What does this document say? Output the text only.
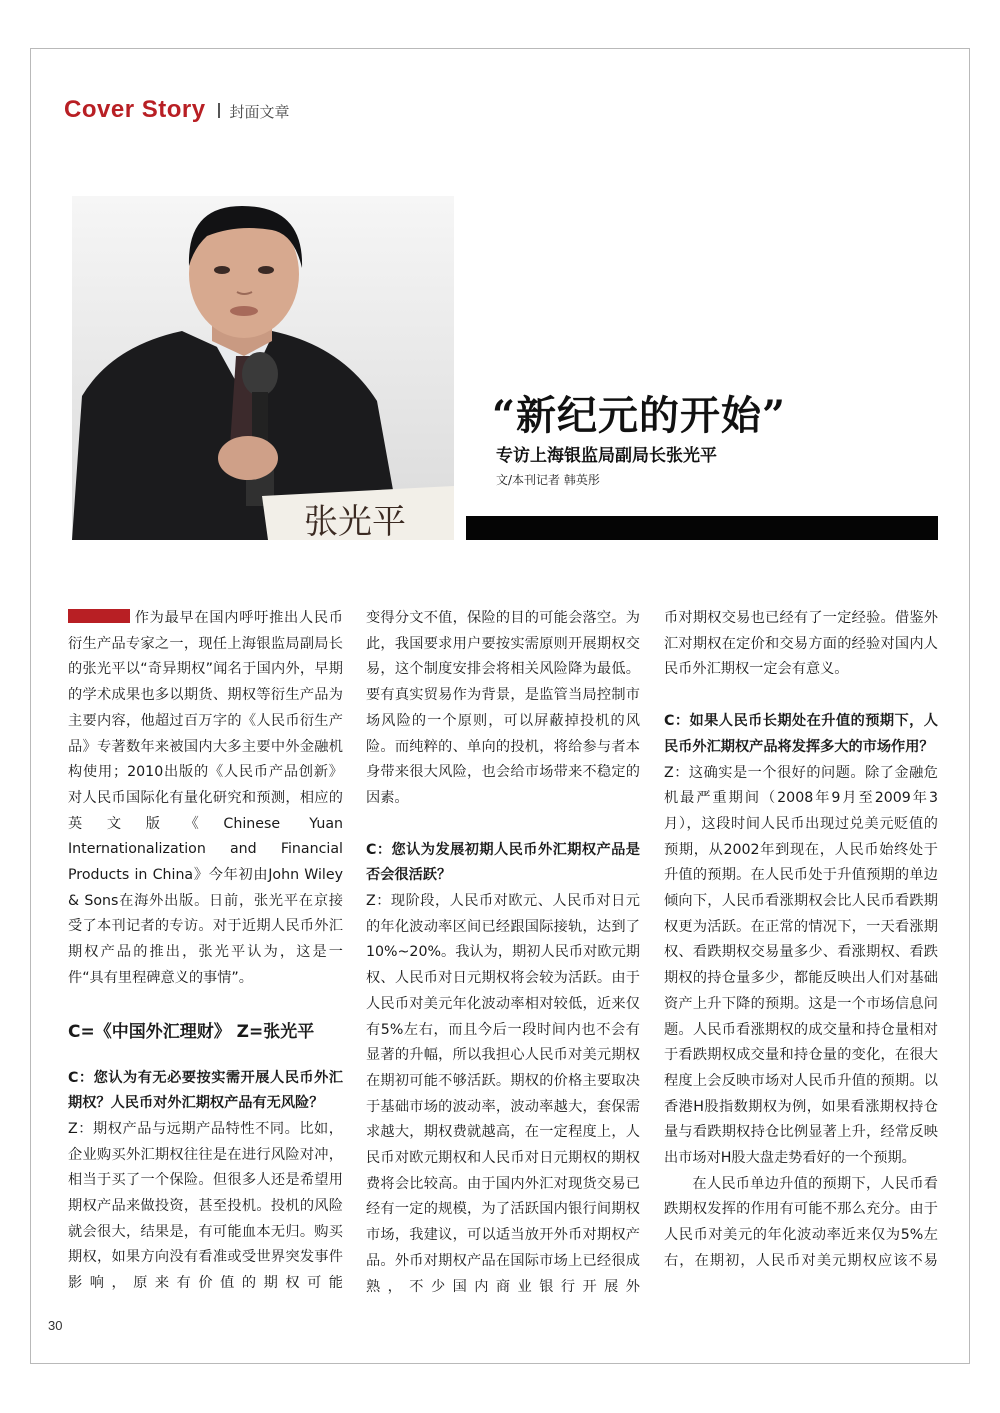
Cover Story 封面文章
张光平
“新纪元的开始”
专访上海银监局副局长张光平
文/本刊记者 韩英彤

作为最早在国内呼吁推出人民币衍生产品专家之一，现任上海银监局副局长的张光平以“奇异期权”闻名于国内外，早期的学术成果也多以期货、期权等衍生产品为主要内容，他超过百万字的《人民币衍生产品》专著数年来被国内大多主要中外金融机构使用；2010出版的《人民币产品创新》对人民币国际化有量化研究和预测，相应的英文版《Chinese Yuan Internationalization and Financial Products in China》今年初由John Wiley & Sons在海外出版。日前，张光平在京接受了本刊记者的专访。对于近期人民币外汇期权产品的推出，张光平认为，这是一件“具有里程碑意义的事情”。

C=《中国外汇理财》 Z=张光平

C：您认为有无必要按实需开展人民币外汇期权？人民币对外汇期权产品有无风险？

Z：期权产品与远期产品特性不同。比如，企业购买外汇期权往往是在进行风险对冲，相当于买了一个保险。但很多人还是希望用期权产品来做投资，甚至投机。投机的风险就会很大，结果是，有可能血本无归。购买期权，如果方向没有看准或受世界突发事件影响，原来有价值的期权可能

变得分文不值，保险的目的可能会落空。为此，我国要求用户要按实需原则开展期权交易，这个制度安排会将相关风险降为最低。要有真实贸易作为背景，是监管当局控制市场风险的一个原则，可以屏蔽掉投机的风险。而纯粹的、单向的投机，将给参与者本身带来很大风险，也会给市场带来不稳定的因素。

C：您认为发展初期人民币外汇期权产品是否会很活跃？

Z：现阶段，人民币对欧元、人民币对日元的年化波动率区间已经跟国际接轨，达到了10%~20%。我认为，期初人民币对欧元期权、人民币对日元期权将会较为活跃。由于人民币对美元年化波动率相对较低，近来仅有5%左右，而且今后一段时间内也不会有显著的升幅，所以我担心人民币对美元期权在期初可能不够活跃。期权的价格主要取决于基础市场的波动率，波动率越大，套保需求越大，期权费就越高，在一定程度上，人民币对欧元期权和人民币对日元期权的期权费将会比较高。由于国内外汇对现货交易已经有一定的规模，为了活跃国内银行间期权市场，我建议，可以适当放开外币对期权产品。外币对期权产品在国际市场上已经很成熟，不少国内商业银行开展外

币对期权交易也已经有了一定经验。借鉴外汇对期权在定价和交易方面的经验对国内人民币外汇期权一定会有意义。

C：如果人民币长期处在升值的预期下，人民币外汇期权产品将发挥多大的市场作用？

Z：这确实是一个很好的问题。除了金融危机最严重期间（2008年9月至2009年3月），这段时间人民币出现过兑美元贬值的预期，从2002年到现在，人民币始终处于升值的预期。在人民币处于升值预期的单边倾向下，人民币看涨期权会比人民币看跌期权更为活跃。在正常的情况下，一天看涨期权、看跌期权交易量多少、看涨期权、看跌期权的持仓量多少，都能反映出人们对基础资产上升下降的预期。这是一个市场信息问题。人民币看涨期权的成交量和持仓量相对于看跌期权成交量和持仓量的变化，在很大程度上会反映市场对人民币升值的预期。以香港H股指数期权为例，如果看涨期权持仓量与看跌期权持仓比例显著上升，经常反映出市场对H股大盘走势看好的一个预期。

在人民币单边升值的预期下，人民币看跌期权发挥的作用有可能不那么充分。由于人民币对美元的年化波动率近来仅为5%左右，在期初，人民币对美元期权应该不易

30
